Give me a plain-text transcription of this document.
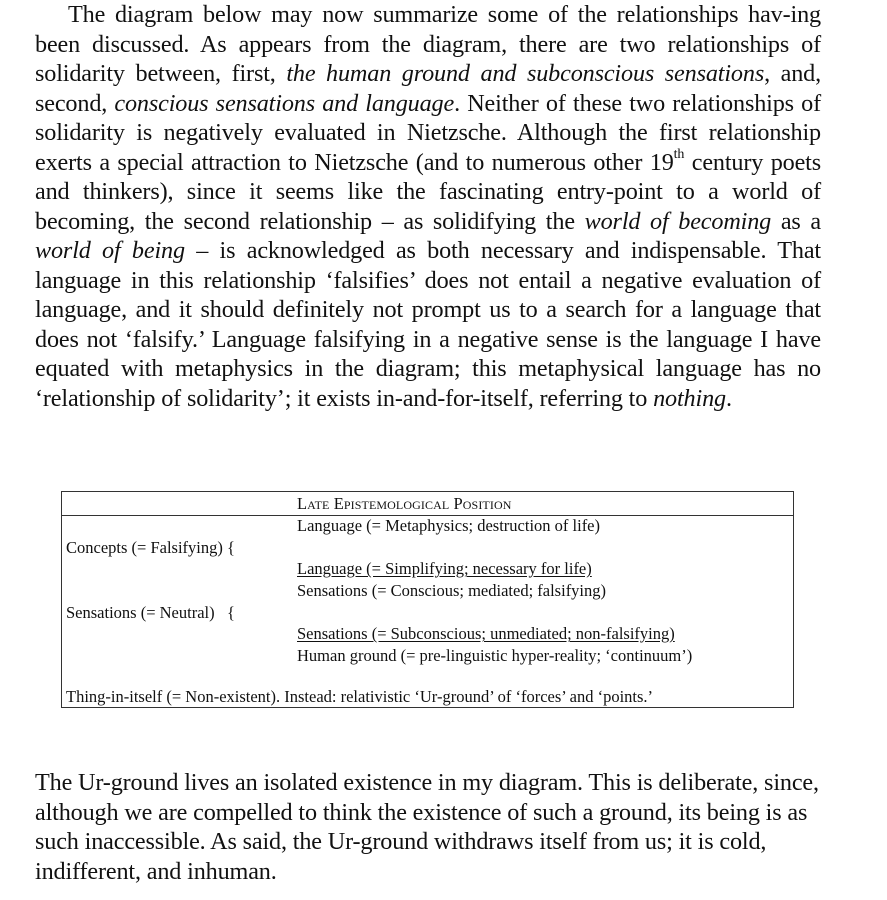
The diagram below may now summarize some of the relationships hav-ing been discussed. As appears from the diagram, there are two relationships of solidarity between, first, the human ground and subconscious sensations, and, second, conscious sensations and language. Neither of these two relationships of solidarity is negatively evaluated in Nietzsche. Although the first relationship exerts a special attraction to Nietzsche (and to numerous other 19th century poets and thinkers), since it seems like the fascinating entry-point to a world of becoming, the second relationship – as solidifying the world of becoming as a world of being – is acknowledged as both necessary and indispensable. That language in this relationship ‘falsifies’ does not entail a negative evaluation of language, and it should definitely not prompt us to a search for a language that does not ‘falsify.’ Language falsifying in a negative sense is the language I have equated with metaphysics in the diagram; this metaphysical language has no ‘relationship of solidarity’; it exists in-and-for-itself, referring to nothing.

Late Epistemological Position
Language (= Metaphysics; destruction of life)
Concepts (= Falsifying) {
Language (= Simplifying; necessary for life)
Sensations (= Conscious; mediated; falsifying)
Sensations (= Neutral)   {
Sensations (= Subconscious; unmediated; non-falsifying)
Human ground (= pre-linguistic hyper-reality; ‘continuum’)
Thing-in-itself (= Non-existent). Instead: relativistic ‘Ur-ground’ of ‘forces’ and ‘points.’

The Ur-ground lives an isolated existence in my diagram. This is deliberate, since, although we are compelled to think the existence of such a ground, its being is as such inaccessible. As said, the Ur-ground withdraws itself from us; it is cold, indifferent, and inhuman.
